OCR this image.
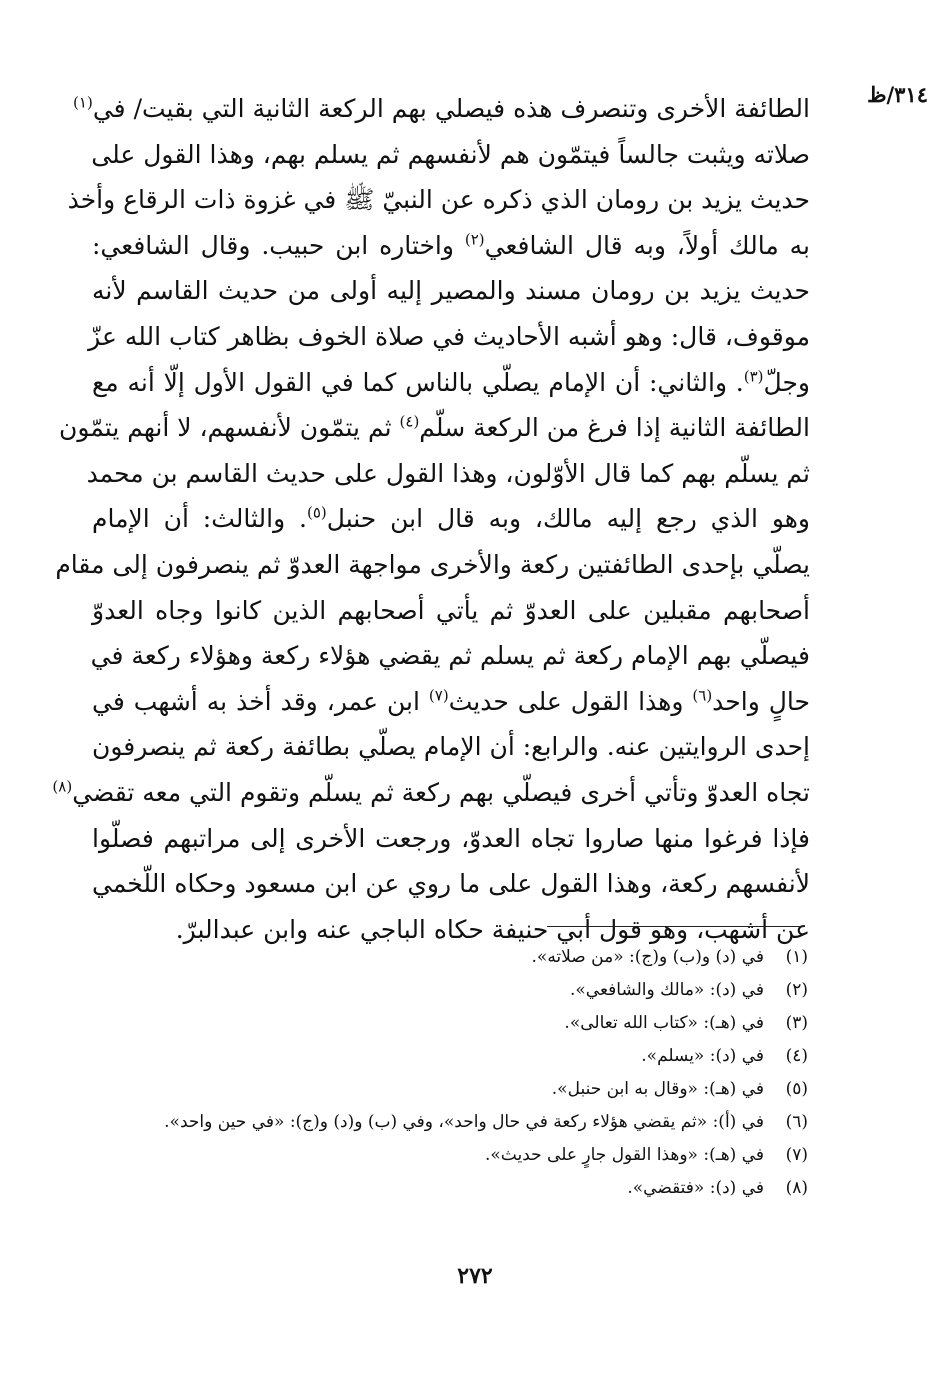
٣١٤/ظ
الطائفة الأخرى وتنصرف هذه فيصلي بهم الركعة الثانية التي بقيت/ في$^{(١)}$
صلاته ويثبت جالساً فيتمّون هم لأنفسهم ثم يسلم بهم، وهذا القول على
حديث يزيد بن رومان الذي ذكره عن النبيّ ﷺ في غزوة ذات الرقاع وأخذ
به مالك أولاً، وبه قال الشافعي$^{(٢)}$ واختاره ابن حبيب. وقال الشافعي:
حديث يزيد بن رومان مسند والمصير إليه أولى من حديث القاسم لأنه
موقوف، قال: وهو أشبه الأحاديث في صلاة الخوف بظاهر كتاب الله عزّ
وجلّ$^{(٣)}$. والثاني: أن الإمام يصلّي بالناس كما في القول الأول إلّا أنه مع
الطائفة الثانية إذا فرغ من الركعة سلّم$^{(٤)}$ ثم يتمّون لأنفسهم، لا أنهم يتمّون
ثم يسلّم بهم كما قال الأوّلون، وهذا القول على حديث القاسم بن محمد
وهو الذي رجع إليه مالك، وبه قال ابن حنبل$^{(٥)}$. والثالث: أن الإمام
يصلّي بإحدى الطائفتين ركعة والأخرى مواجهة العدوّ ثم ينصرفون إلى مقام
أصحابهم مقبلين على العدوّ ثم يأتي أصحابهم الذين كانوا وجاه العدوّ
فيصلّي بهم الإمام ركعة ثم يسلم ثم يقضي هؤلاء ركعة وهؤلاء ركعة في
حالٍ واحد$^{(٦)}$ وهذا القول على حديث$^{(٧)}$ ابن عمر، وقد أخذ به أشهب في
إحدى الروايتين عنه. والرابع: أن الإمام يصلّي بطائفة ركعة ثم ينصرفون
تجاه العدوّ وتأتي أخرى فيصلّي بهم ركعة ثم يسلّم وتقوم التي معه تقضي$^{(٨)}$
فإذا فرغوا منها صاروا تجاه العدوّ، ورجعت الأخرى إلى مراتبهم فصلّوا
لأنفسهم ركعة، وهذا القول على ما روي عن ابن مسعود وحكاه اللّخمي
عن أشهب، وهو قول أبي حنيفة حكاه الباجي عنه وابن عبدالبرّ.
(١)
في (د) و(ب) و(ج): «من صلاته».
(٢)
في (د): «مالك والشافعي».
(٣)
في (هـ): «كتاب الله تعالى».
(٤)
في (د): «يسلم».
(٥)
في (هـ): «وقال به ابن حنبل».
(٦)
في (أ): «ثم يقضي هؤلاء ركعة في حال واحد»، وفي (ب) و(د) و(ج): «في حين واحد».
(٧)
في (هـ): «وهذا القول جارٍ على حديث».
(٨)
في (د): «فتقضي».
٢٧٢
